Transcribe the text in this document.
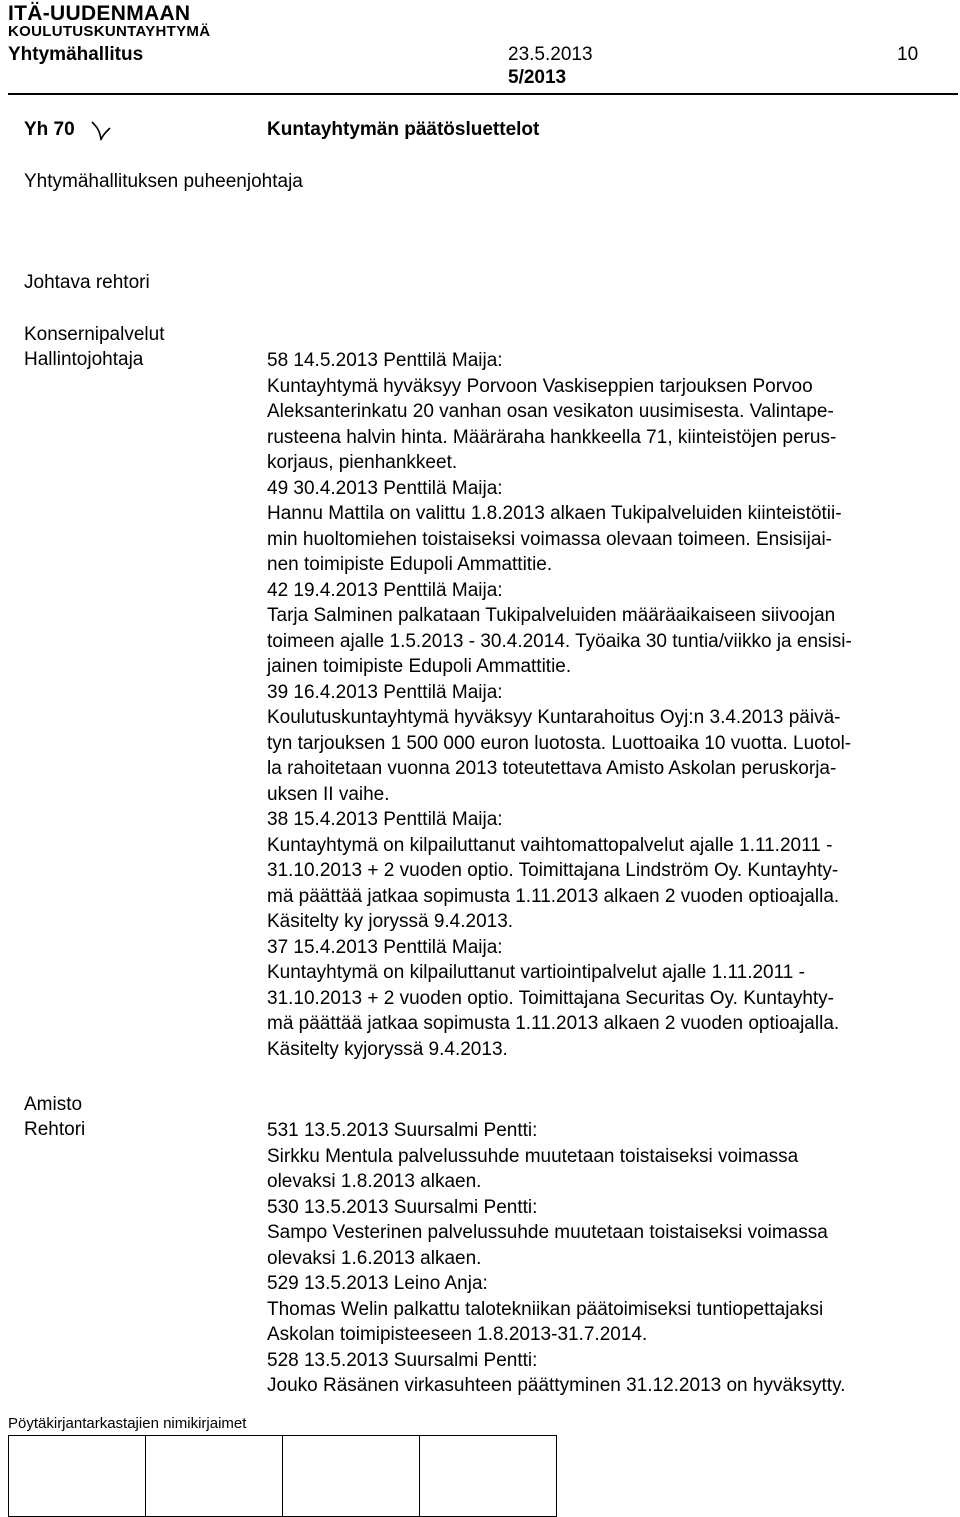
ITÄ-UUDENMAAN
KOULUTUSKUNTAYHTYMÄ
Yhtymähallitus	23.5.2013
5/2013
10
Yh 70	Kuntayhtymän päätösluettelot
Yhtymähallituksen puheenjohtaja
Johtava rehtori
Konsernipalvelut
Hallintojohtaja
Amisto
Rehtori
58 14.5.2013 Penttilä Maija:
Kuntayhtymä hyväksyy Porvoon Vaskiseppien tarjouksen Porvoo
Aleksanterinkatu 20 vanhan osan vesikaton uusimisesta. Valintape-
rusteena halvin hinta. Määräraha hankkeella 71, kiinteistöjen perus-
korjaus, pienhankkeet.
49 30.4.2013 Penttilä Maija:
Hannu Mattila on valittu 1.8.2013 alkaen Tukipalveluiden kiinteistötii-
min huoltomiehen toistaiseksi voimassa olevaan toimeen. Ensisijai-
nen toimipiste Edupoli Ammattitie.
42 19.4.2013 Penttilä Maija:
Tarja Salminen palkataan Tukipalveluiden määräaikaiseen siivoojan
toimeen ajalle 1.5.2013 - 30.4.2014. Työaika 30 tuntia/viikko ja ensisi-
jainen toimipiste Edupoli Ammattitie.
39 16.4.2013 Penttilä Maija:
Koulutuskuntayhtymä hyväksyy Kuntarahoitus Oyj:n 3.4.2013 päivä-
tyn tarjouksen 1 500 000 euron luotosta. Luottoaika 10 vuotta. Luotol-
la rahoitetaan vuonna 2013 toteutettava Amisto Askolan peruskorja-
uksen II vaihe.
38 15.4.2013 Penttilä Maija:
Kuntayhtymä on kilpailuttanut vaihtomattopalvelut ajalle 1.11.2011 -
31.10.2013 + 2 vuoden optio. Toimittajana Lindström Oy. Kuntayhty-
mä päättää jatkaa sopimusta 1.11.2013 alkaen 2 vuoden optioajalla.
Käsitelty ky joryssä 9.4.2013.
37 15.4.2013 Penttilä Maija:
Kuntayhtymä on kilpailuttanut vartiointipalvelut ajalle 1.11.2011 -
31.10.2013 + 2 vuoden optio. Toimittajana Securitas Oy. Kuntayhty-
mä päättää jatkaa sopimusta 1.11.2013 alkaen 2 vuoden optioajalla.
Käsitelty kyjoryssä 9.4.2013.
531 13.5.2013 Suursalmi Pentti:
Sirkku Mentula palvelussuhde muutetaan toistaiseksi voimassa
olevaksi 1.8.2013 alkaen.
530 13.5.2013 Suursalmi Pentti:
Sampo Vesterinen palvelussuhde muutetaan toistaiseksi voimassa
olevaksi 1.6.2013 alkaen.
529 13.5.2013 Leino Anja:
Thomas Welin palkattu talotekniikan päätoimiseksi tuntiopettajaksi
Askolan toimipisteeseen 1.8.2013-31.7.2014.
528 13.5.2013 Suursalmi Pentti:
Jouko Räsänen virkasuhteen päättyminen 31.12.2013 on hyväksytty.
Pöytäkirjantarkastajien nimikirjaimet
